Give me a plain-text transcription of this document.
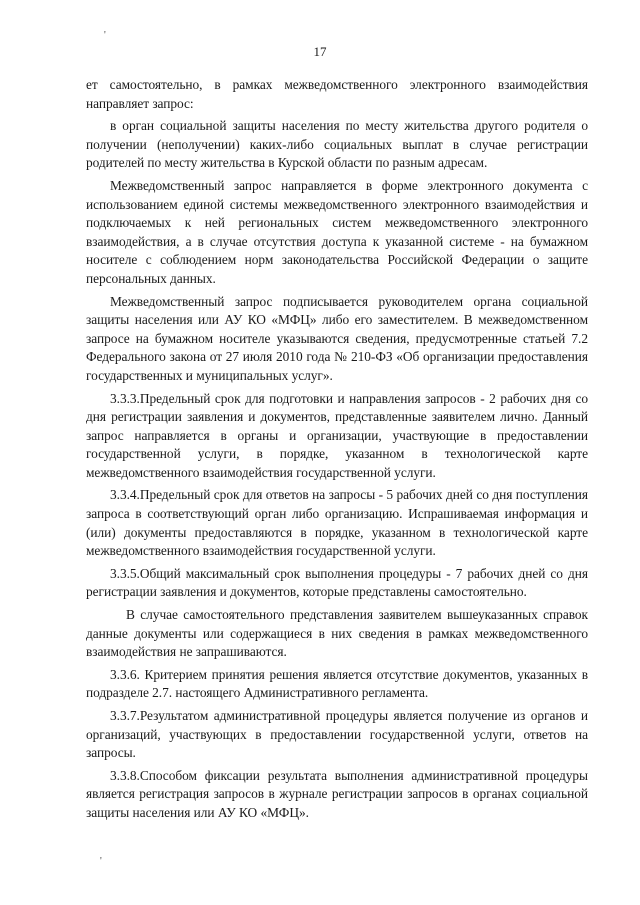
'
17

ет самостоятельно, в рамках межведомственного электронного взаимодействия направляет запрос:

в орган социальной защиты населения по месту жительства другого родителя о получении (неполучении) каких-либо социальных выплат в случае регистрации родителей по месту жительства в Курской области по разным адресам.

Межведомственный запрос направляется в форме электронного документа с использованием единой системы межведомственного электронного взаимодействия и подключаемых к ней региональных систем межведомственного электронного взаимодействия, а в случае отсутствия доступа к указанной системе - на бумажном носителе с соблюдением норм законодательства Российской Федерации о защите персональных данных.

Межведомственный запрос подписывается руководителем органа социальной защиты населения или АУ КО «МФЦ» либо его заместителем. В межведомственном запросе на бумажном носителе указываются сведения, предусмотренные статьей 7.2 Федерального закона от 27 июля 2010 года № 210-ФЗ «Об организации предоставления государственных и муниципальных услуг».

3.3.3.Предельный срок для подготовки и направления запросов - 2 рабочих дня со дня регистрации заявления и документов, представленные заявителем лично. Данный запрос направляется в органы и организации, участвующие в предоставлении государственной услуги, в порядке, указанном в технологической карте межведомственного взаимодействия государственной услуги.

3.3.4.Предельный срок для ответов на запросы - 5 рабочих дней со дня поступления запроса в соответствующий орган либо организацию. Испрашиваемая информация и (или) документы предоставляются в порядке, указанном в технологической карте межведомственного взаимодействия государственной услуги.

3.3.5.Общий максимальный срок выполнения процедуры - 7 рабочих дней со дня регистрации заявления и документов, которые представлены самостоятельно.

В случае самостоятельного представления заявителем вышеуказанных справок данные документы или содержащиеся в них сведения в рамках межведомственного взаимодействия не запрашиваются.

3.3.6. Критерием принятия решения является отсутствие документов, указанных в подразделе 2.7. настоящего Административного регламента.

3.3.7.Результатом административной процедуры является получение из органов и организаций, участвующих в предоставлении государственной услуги, ответов на запросы.

3.3.8.Способом фиксации результата выполнения административной процедуры является регистрация запросов в журнале регистрации запросов в органах социальной защиты населения или АУ КО «МФЦ».

'
